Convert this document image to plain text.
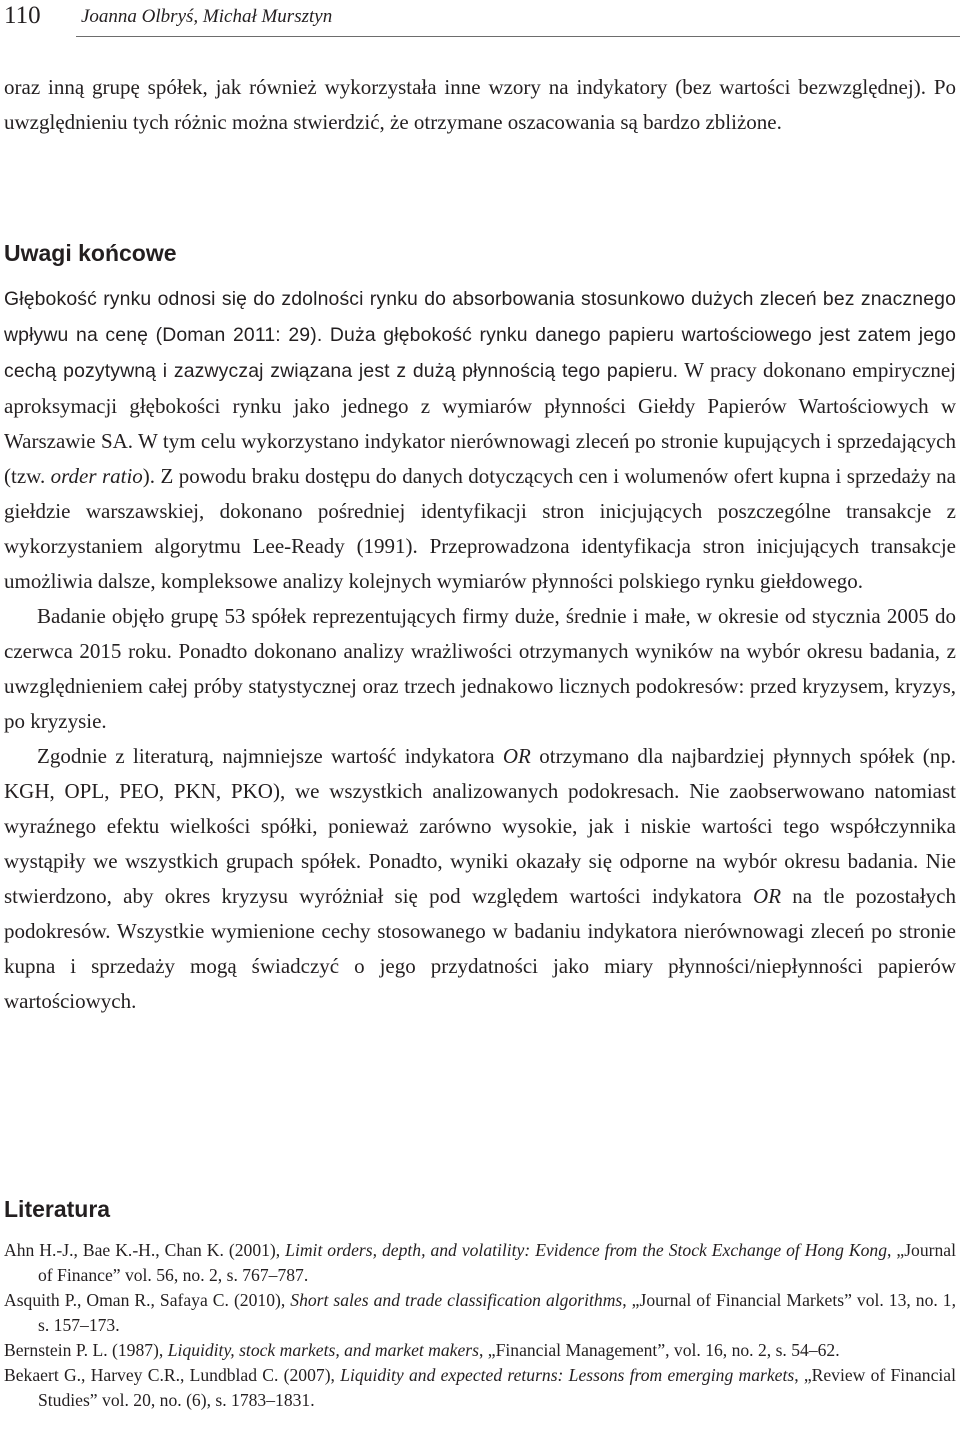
110 Joanna Olbryś, Michał Mursztyn

oraz inną grupę spółek, jak również wykorzystała inne wzory na indykatory (bez wartości bezwzględnej). Po uwzględnieniu tych różnic można stwierdzić, że otrzymane oszacowania są bardzo zbliżone.

Uwagi końcowe

Głębokość rynku odnosi się do zdolności rynku do absorbowania stosunkowo dużych zleceń bez znacznego wpływu na cenę (Doman 2011: 29). Duża głębokość rynku danego papieru wartościowego jest zatem jego cechą pozytywną i zazwyczaj związana jest z dużą płynnością tego papieru. W pracy dokonano empirycznej aproksymacji głębokości rynku jako jednego z wymiarów płynności Giełdy Papierów Wartościowych w Warszawie SA. W tym celu wykorzystano indykator nierównowagi zleceń po stronie kupujących i sprzedających (tzw. order ratio). Z powodu braku dostępu do danych dotyczących cen i wolumenów ofert kupna i sprzedaży na giełdzie warszawskiej, dokonano pośredniej identyfikacji stron inicjujących poszczególne transakcje z wykorzystaniem algorytmu Lee-Ready (1991). Przeprowadzona identyfikacja stron inicjujących transakcje umożliwia dalsze, kompleksowe analizy kolejnych wymiarów płynności polskiego rynku giełdowego.

Badanie objęło grupę 53 spółek reprezentujących firmy duże, średnie i małe, w okresie od stycznia 2005 do czerwca 2015 roku. Ponadto dokonano analizy wrażliwości otrzymanych wyników na wybór okresu badania, z uwzględnieniem całej próby statystycznej oraz trzech jednakowo licznych podokresów: przed kryzysem, kryzys, po kryzysie.

Zgodnie z literaturą, najmniejsze wartość indykatora OR otrzymano dla najbardziej płynnych spółek (np. KGH, OPL, PEO, PKN, PKO), we wszystkich analizowanych podokresach. Nie zaobserwowano natomiast wyraźnego efektu wielkości spółki, ponieważ zarówno wysokie, jak i niskie wartości tego współczynnika wystąpiły we wszystkich grupach spółek. Ponadto, wyniki okazały się odporne na wybór okresu badania. Nie stwierdzono, aby okres kryzysu wyróżniał się pod względem wartości indykatora OR na tle pozostałych podokresów. Wszystkie wymienione cechy stosowanego w badaniu indykatora nierównowagi zleceń po stronie kupna i sprzedaży mogą świadczyć o jego przydatności jako miary płynności/niepłynności papierów wartościowych.

Literatura

Ahn H.-J., Bae K.-H., Chan K. (2001), Limit orders, depth, and volatility: Evidence from the Stock Exchange of Hong Kong, „Journal of Finance” vol. 56, no. 2, s. 767–787.

Asquith P., Oman R., Safaya C. (2010), Short sales and trade classification algorithms, „Journal of Financial Markets” vol. 13, no. 1, s. 157–173.

Bernstein P. L. (1987), Liquidity, stock markets, and market makers, „Financial Management”, vol. 16, no. 2, s. 54–62.

Bekaert G., Harvey C.R., Lundblad C. (2007), Liquidity and expected returns: Lessons from emerging markets, „Review of Financial Studies” vol. 20, no. (6), s. 1783–1831.
